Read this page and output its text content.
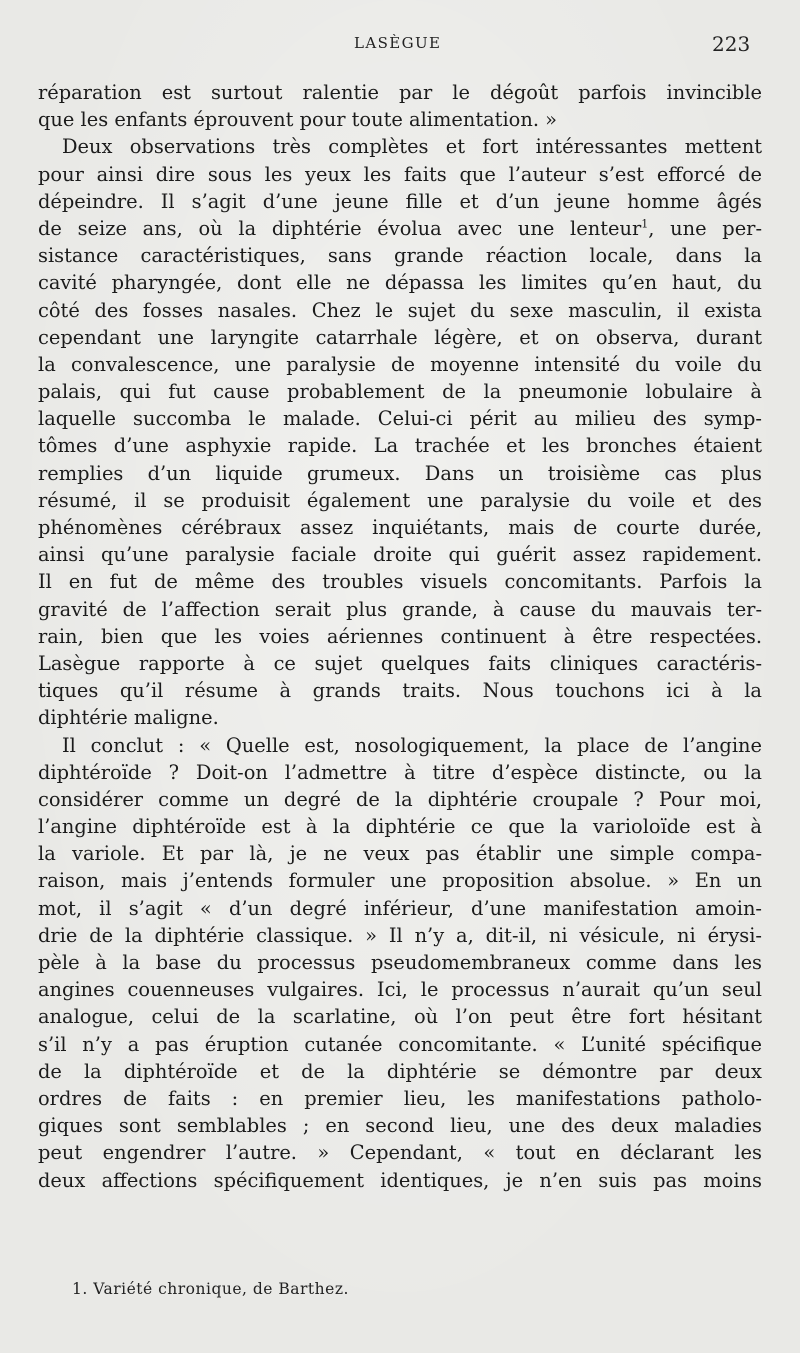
LASÈGUE	223
réparation est surtout ralentie par le dégoût parfois invincible
que les enfants éprouvent pour toute alimentation. »
Deux observations très complètes et fort intéressantes mettent
pour ainsi dire sous les yeux les faits que l’auteur s’est efforcé de
dépeindre. Il s’agit d’une jeune fille et d’un jeune homme âgés
de seize ans, où la diphtérie évolua avec une lenteur$^1$, une per-
sistance caractéristiques, sans grande réaction locale, dans la
cavité pharyngée, dont elle ne dépassa les limites qu’en haut, du
côté des fosses nasales. Chez le sujet du sexe masculin, il exista
cependant une laryngite catarrhale légère, et on observa, durant
la convalescence, une paralysie de moyenne intensité du voile du
palais, qui fut cause probablement de la pneumonie lobulaire à
laquelle succomba le malade. Celui-ci périt au milieu des symp-
tômes d’une asphyxie rapide. La trachée et les bronches étaient
remplies d’un liquide grumeux. Dans un troisième cas plus
résumé, il se produisit également une paralysie du voile et des
phénomènes cérébraux assez inquiétants, mais de courte durée,
ainsi qu’une paralysie faciale droite qui guérit assez rapidement.
Il en fut de même des troubles visuels concomitants. Parfois la
gravité de l’affection serait plus grande, à cause du mauvais ter-
rain, bien que les voies aériennes continuent à être respectées.
Lasègue rapporte à ce sujet quelques faits cliniques caractéris-
tiques qu’il résume à grands traits. Nous touchons ici à la
diphtérie maligne.
Il conclut : « Quelle est, nosologiquement, la place de l’angine
diphtéroïde ? Doit-on l’admettre à titre d’espèce distincte, ou la
considérer comme un degré de la diphtérie croupale ? Pour moi,
l’angine diphtéroïde est à la diphtérie ce que la varioloïde est à
la variole. Et par là, je ne veux pas établir une simple compa-
raison, mais j’entends formuler une proposition absolue. » En un
mot, il s’agit « d’un degré inférieur, d’une manifestation amoin-
drie de la diphtérie classique. » Il n’y a, dit-il, ni vésicule, ni érysi-
pèle à la base du processus pseudomembraneux comme dans les
angines couenneuses vulgaires. Ici, le processus n’aurait qu’un seul
analogue, celui de la scarlatine, où l’on peut être fort hésitant
s’il n’y a pas éruption cutanée concomitante. « L’unité spécifique
de la diphtéroïde et de la diphtérie se démontre par deux
ordres de faits : en premier lieu, les manifestations patholo-
giques sont semblables ; en second lieu, une des deux maladies
peut engendrer l’autre. » Cependant, « tout en déclarant les
deux affections spécifiquement identiques, je n’en suis pas moins
1. Variété chronique, de Barthez.
